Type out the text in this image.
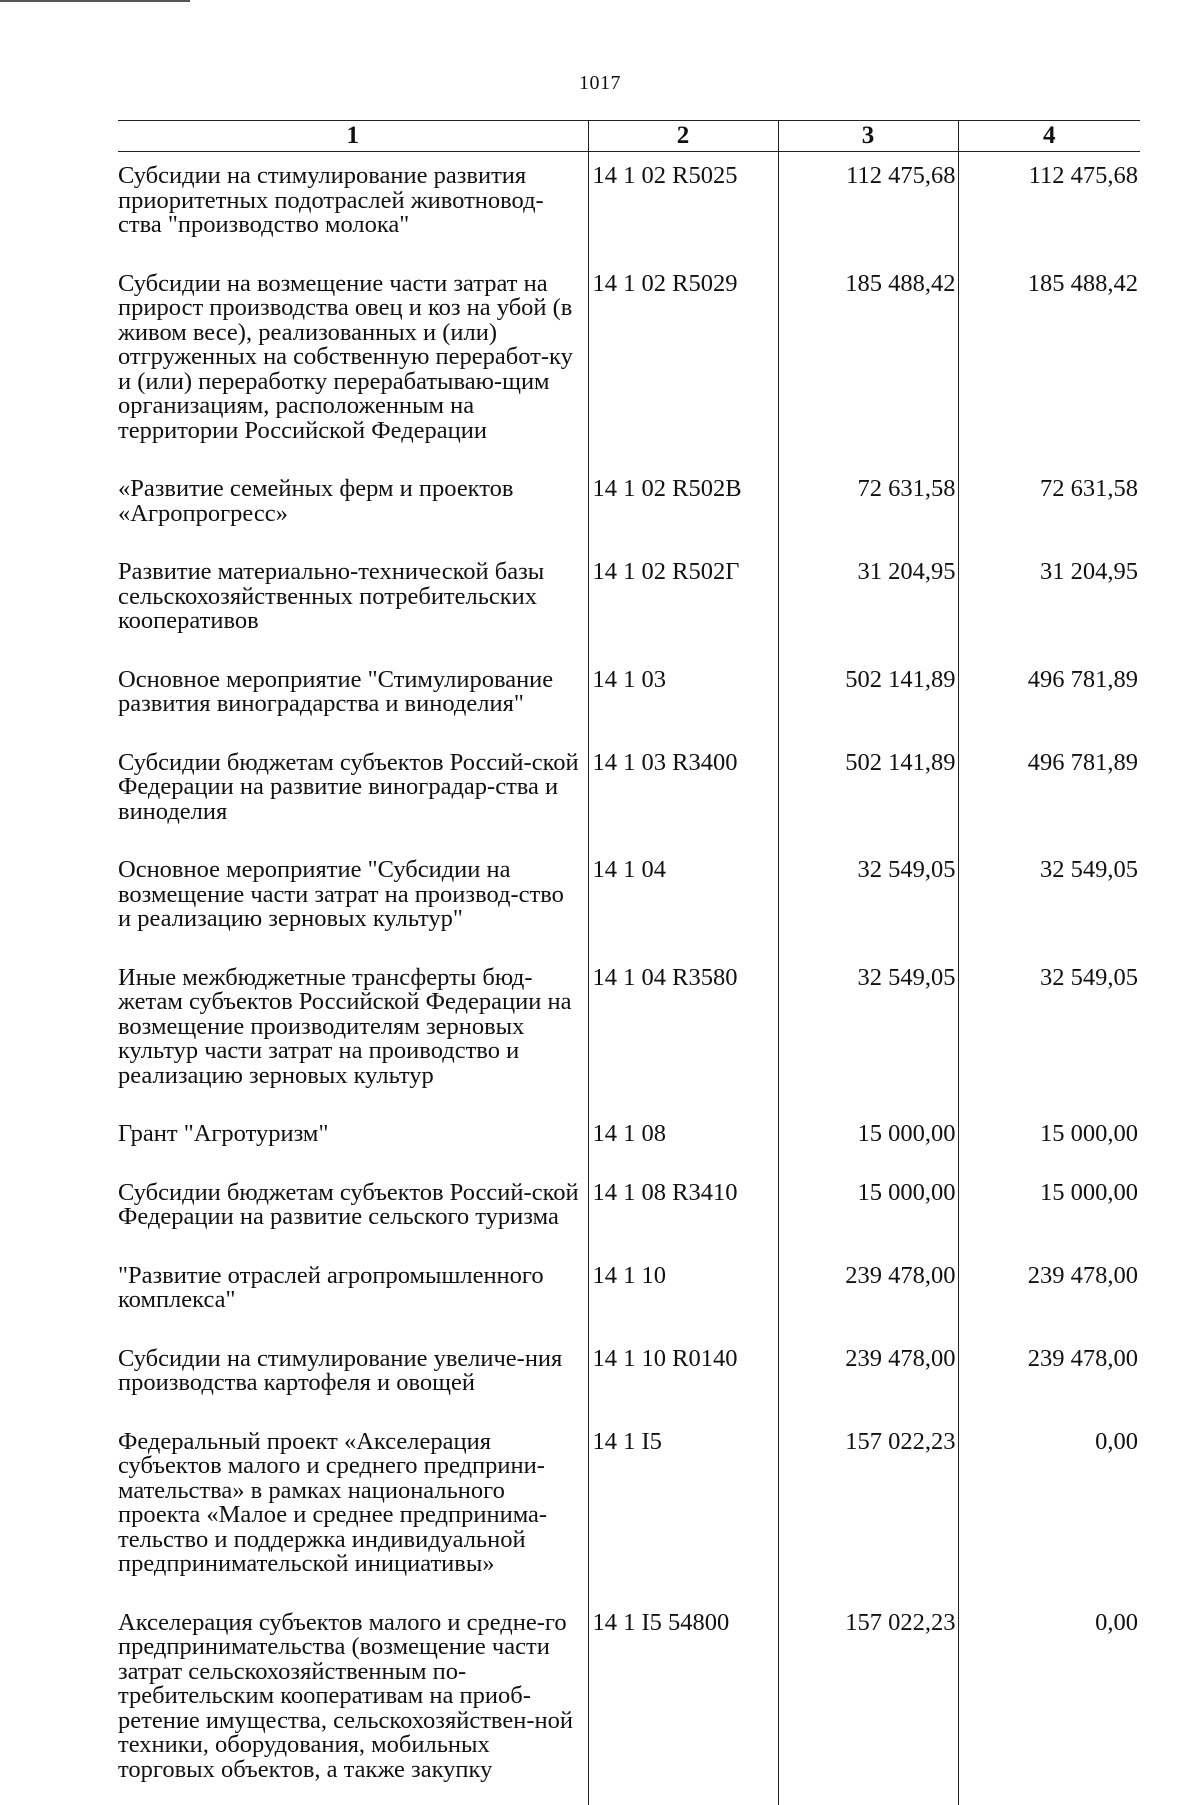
1017
1	2	3	4
Субсидии на стимулирование развития приоритетных подотраслей животновод-ства "производство молока"	14 1 02 R5025	112 475,68	112 475,68
Субсидии на возмещение части затрат на прирост производства овец и коз на убой (в живом весе), реализованных и (или) отгруженных на собственную переработ-ку и (или) переработку перерабатываю-щим организациям, расположенным на территории Российской Федерации	14 1 02 R5029	185 488,42	185 488,42
«Развитие семейных ферм и проектов «Агропрогресс»	14 1 02 R502В	72 631,58	72 631,58
Развитие материально-технической базы сельскохозяйственных потребительских кооперативов	14 1 02 R502Г	31 204,95	31 204,95
Основное мероприятие "Стимулирование развития виноградарства и виноделия"	14 1 03	502 141,89	496 781,89
Субсидии бюджетам субъектов Россий-ской Федерации на развитие виноградар-ства и виноделия	14 1 03 R3400	502 141,89	496 781,89
Основное мероприятие "Субсидии на возмещение части затрат на производ-ство и реализацию зерновых культур"	14 1 04	32 549,05	32 549,05
Иные межбюджетные трансферты бюд-жетам субъектов Российской Федерации на возмещение производителям зерновых культур части затрат на проиводство и реализацию зерновых культур	14 1 04 R3580	32 549,05	32 549,05
Грант "Агротуризм"	14 1 08	15 000,00	15 000,00
Субсидии бюджетам субъектов Россий-ской Федерации на развитие сельского туризма	14 1 08 R3410	15 000,00	15 000,00
"Развитие отраслей агропромышленного комплекса"	14 1 10	239 478,00	239 478,00
Субсидии на стимулирование увеличе-ния производства картофеля и овощей	14 1 10 R0140	239 478,00	239 478,00
Федеральный проект «Акселерация субъектов малого и среднего предприни-мательства» в рамках национального проекта «Малое и среднее предпринима-тельство и поддержка индивидуальной предпринимательской инициативы»	14 1 I5	157 022,23	0,00
Акселерация субъектов малого и средне-го предпринимательства (возмещение части затрат сельскохозяйственным по-требительским кооперативам на приоб-ретение имущества, сельскохозяйствен-ной техники, оборудования, мобильных торговых объектов, а также закупку	14 1 I5 54800	157 022,23	0,00
